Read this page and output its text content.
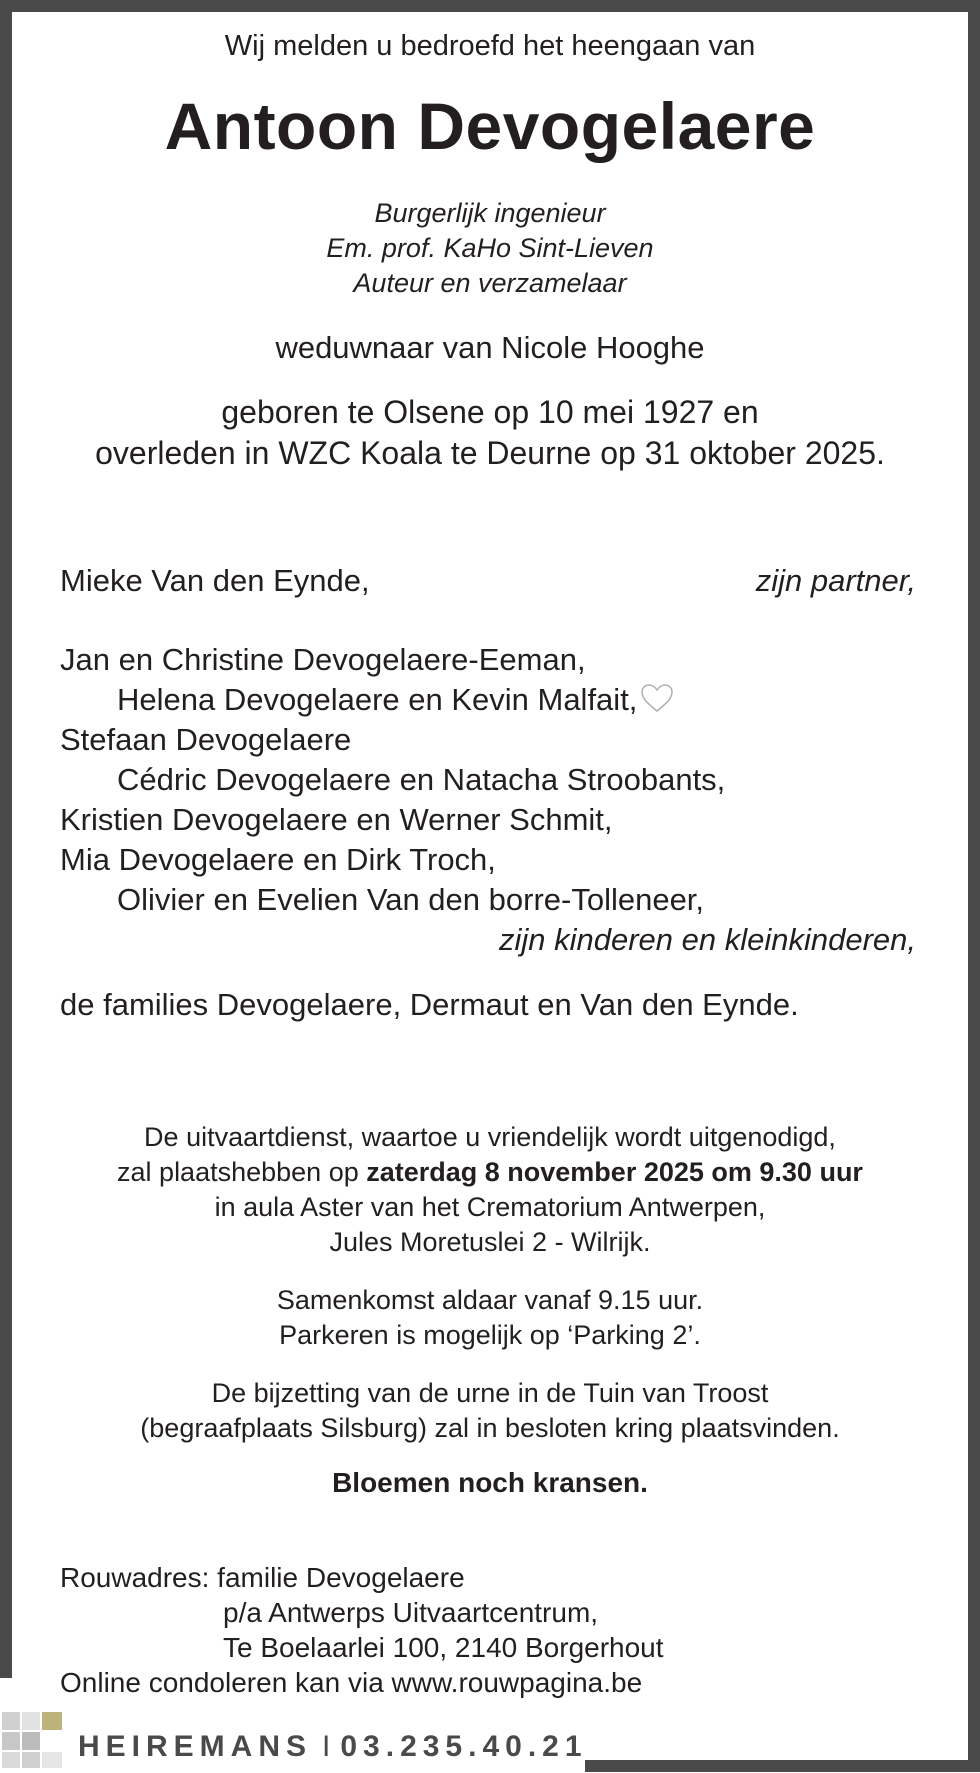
Wij melden u bedroefd het heengaan van

Antoon Devogelaere
Burgerlijk ingenieur
Em. prof. KaHo Sint-Lieven
Auteur en verzamelaar

weduwnaar van Nicole Hooghe

geboren te Olsene op 10 mei 1927 en
overleden in WZC Koala te Deurne op 31 oktober 2025.
Mieke Van den Eynde,	zijn partner,
Jan en Christine Devogelaere-Eeman,
Helena Devogelaere en Kevin Malfait,
Stefaan Devogelaere
Cédric Devogelaere en Natacha Stroobants,
Kristien Devogelaere en Werner Schmit,
Mia Devogelaere en Dirk Troch,
Olivier en Evelien Van den borre-Tolleneer,
zijn kinderen en kleinkinderen,
de families Devogelaere, Dermaut en Van den Eynde.
De uitvaartdienst, waartoe u vriendelijk wordt uitgenodigd,
zal plaatshebben op zaterdag 8 november 2025 om 9.30 uur
in aula Aster van het Crematorium Antwerpen,
Jules Moretuslei 2 - Wilrijk.
Samenkomst aldaar vanaf 9.15 uur.
Parkeren is mogelijk op ‘Parking 2’.
De bijzetting van de urne in de Tuin van Troost
(begraafplaats Silsburg) zal in besloten kring plaatsvinden.

Bloemen noch kransen.

Rouwadres: familie Devogelaere
p/a Antwerps Uitvaartcentrum,
Te Boelaarlei 100, 2140 Borgerhout
Online condoleren kan via www.rouwpagina.be
HEIREMANS I 03.235.40.21
